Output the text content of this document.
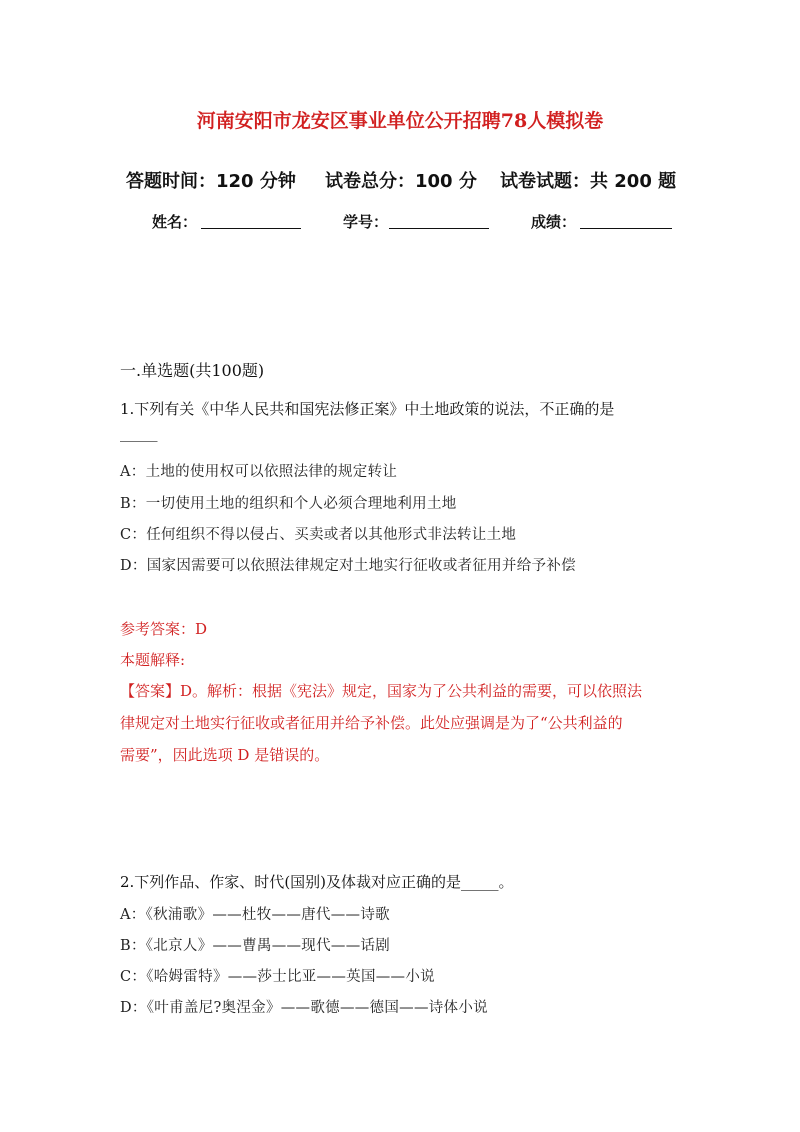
河南安阳市龙安区事业单位公开招聘78人模拟卷
答题时间：120 分钟 试卷总分：100 分 试卷试题：共 200 题
姓名：	学号：	成绩：
一.单选题(共100题)
1.下列有关《中华人民共和国宪法修正案》中土地政策的说法，不正确的是
_____
A：土地的使用权可以依照法律的规定转让
B：一切使用土地的组织和个人必须合理地利用土地
C：任何组织不得以侵占、买卖或者以其他形式非法转让土地
D：国家因需要可以依照法律规定对土地实行征收或者征用并给予补偿
参考答案：D
本题解释:
【答案】D。解析：根据《宪法》规定，国家为了公共利益的需要，可以依照法
律规定对土地实行征收或者征用并给予补偿。此处应强调是为了“公共利益的
需要”，因此选项 D 是错误的。
2.下列作品、作家、时代(国别)及体裁对应正确的是_____。
A：《秋浦歌》——杜牧——唐代——诗歌
B：《北京人》——曹禺——现代——话剧
C：《哈姆雷特》——莎士比亚——英国——小说
D：《叶甫盖尼?奥涅金》——歌德——德国——诗体小说
